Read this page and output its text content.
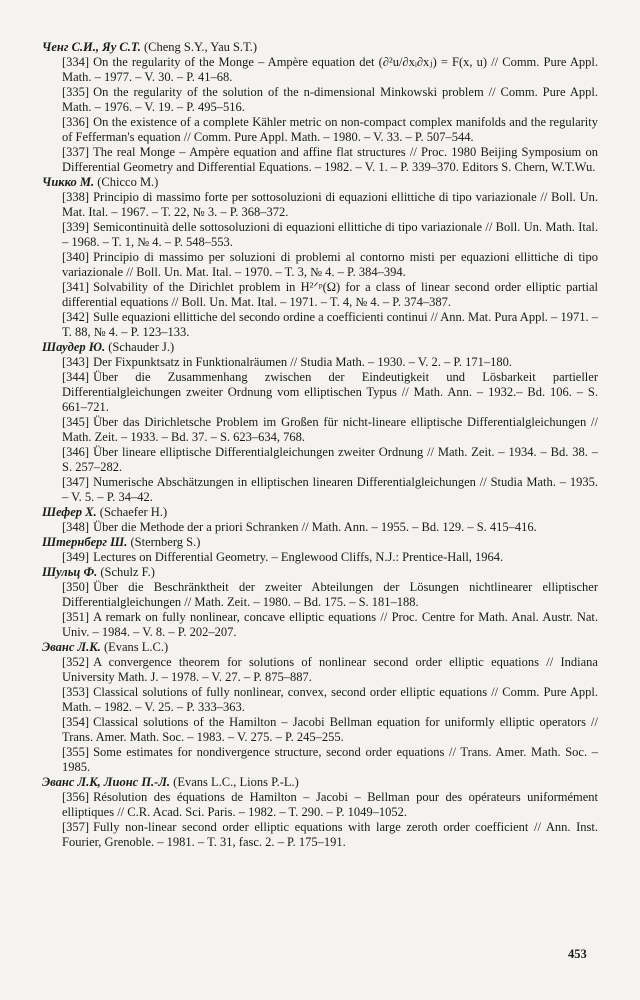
Ченг С.И., Яу С.Т. (Cheng S.Y., Yau S.T.)

[334] On the regularity of the Monge – Ampère equation det (∂²u/∂xᵢ∂xⱼ) = F(x, u) // Comm. Pure Appl. Math. – 1977. – V. 30. – P. 41–68.

[335] On the regularity of the solution of the n-dimensional Minkowski problem // Comm. Pure Appl. Math. – 1976. – V. 19. – P. 495–516.

[336] On the existence of a complete Kähler metric on non-compact complex manifolds and the regularity of Fefferman's equation // Comm. Pure Appl. Math. – 1980. – V. 33. – P. 507–544.

[337] The real Monge – Ampère equation and affine flat structures // Proc. 1980 Beijing Symposium on Differential Geometry and Differential Equations. – 1982. – V. 1. – P. 339–370. Editors S. Chern, W.T.Wu.

Чикко М. (Chicco M.)

[338] Principio di massimo forte per sottosoluzioni di equazioni ellittiche di tipo variazionale // Boll. Un. Mat. Ital. – 1967. – T. 22, № 3. – P. 368–372.

[339] Semicontinuità delle sottosoluzioni di equazioni ellittiche di tipo variazionale // Boll. Un. Math. Ital. – 1968. – T. 1, № 4. – P. 548–553.

[340] Principio di massimo per soluzioni di problemi al contorno misti per equazioni ellittiche di tipo variazionale // Boll. Un. Mat. Ital. – 1970. – T. 3, № 4. – P. 384–394.

[341] Solvability of the Dirichlet problem in H²ᐟᵖ(Ω) for a class of linear second order elliptic partial differential equations // Boll. Un. Mat. Ital. – 1971. – T. 4, № 4. – P. 374–387.

[342] Sulle equazioni ellittiche del secondo ordine a coefficienti continui // Ann. Mat. Pura Appl. – 1971. – T. 88, № 4. – P. 123–133.

Шаудер Ю. (Schauder J.)

[343] Der Fixpunktsatz in Funktionalräumen // Studia Math. – 1930. – V. 2. – P. 171–180.

[344] Über die Zusammenhang zwischen der Eindeutigkeit und Lösbarkeit partieller Differentialgleichungen zweiter Ordnung vom elliptischen Typus // Math. Ann. – 1932.– Bd. 106. – S. 661–721.

[345] Über das Dirichletsche Problem im Großen für nicht-lineare elliptische Differentialgleichungen // Math. Zeit. – 1933. – Bd. 37. – S. 623–634, 768.

[346] Über lineare elliptische Differentialgleichungen zweiter Ordnung // Math. Zeit. – 1934. – Bd. 38. – S. 257–282.

[347] Numerische Abschätzungen in elliptischen linearen Differentialgleichungen // Studia Math. – 1935. – V. 5. – P. 34–42.

Шефер Х. (Schaefer H.)

[348] Über die Methode der a priori Schranken // Math. Ann. – 1955. – Bd. 129. – S. 415–416.

Штернберг Ш. (Sternberg S.)

[349] Lectures on Differential Geometry. – Englewood Cliffs, N.J.: Prentice-Hall, 1964.

Шульц Ф. (Schulz F.)

[350] Über die Beschränktheit der zweiter Abteilungen der Lösungen nichtlinearer elliptischer Differentialgleichungen // Math. Zeit. – 1980. – Bd. 175. – S. 181–188.

[351] A remark on fully nonlinear, concave elliptic equations // Proc. Centre for Math. Anal. Austr. Nat. Univ. – 1984. – V. 8. – P. 202–207.

Эванс Л.К. (Evans L.C.)

[352] A convergence theorem for solutions of nonlinear second order elliptic equations // Indiana University Math. J. – 1978. – V. 27. – P. 875–887.

[353] Classical solutions of fully nonlinear, convex, second order elliptic equations // Comm. Pure Appl. Math. – 1982. – V. 25. – P. 333–363.

[354] Classical solutions of the Hamilton – Jacobi Bellman equation for uniformly elliptic operators // Trans. Amer. Math. Soc. – 1983. – V. 275. – P. 245–255.

[355] Some estimates for nondivergence structure, second order equations // Trans. Amer. Math. Soc. – 1985.

Эванс Л.К, Лионс П.-Л. (Evans L.C., Lions P.-L.)

[356] Résolution des équations de Hamilton – Jacobi – Bellman pour des opérateurs uniformément elliptiques // C.R. Acad. Sci. Paris. – 1982. – T. 290. – P. 1049–1052.

[357] Fully non-linear second order elliptic equations with large zeroth order coefficient // Ann. Inst. Fourier, Grenoble. – 1981. – T. 31, fasc. 2. – P. 175–191.

453
